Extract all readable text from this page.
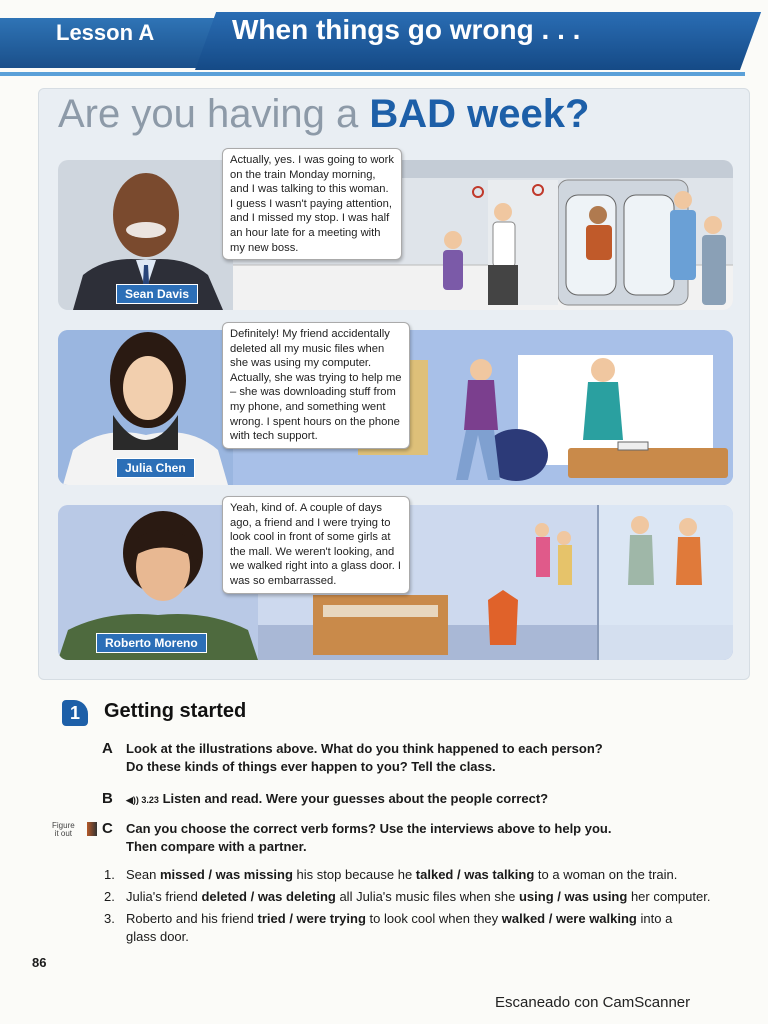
Lesson A	When things go wrong . . .
Are you having a BAD week?
Sean Davis
Actually, yes. I was going to work on the train Monday morning, and I was talking to this woman. I guess I wasn't paying attention, and I missed my stop. I was half an hour late for a meeting with my new boss.
Julia Chen
Definitely! My friend accidentally deleted all my music files when she was using my computer. Actually, she was trying to help me – she was downloading stuff from my phone, and something went wrong. I spent hours on the phone with tech support.
Roberto Moreno
Yeah, kind of. A couple of days ago, a friend and I were trying to look cool in front of some girls at the mall. We weren't looking, and we walked right into a glass door. I was so embarrassed.
1	Getting started
A Look at the illustrations above. What do you think happened to each person?
Do these kinds of things ever happen to you? Tell the class.
B ◀)) 3.23 Listen and read. Were your guesses about the people correct?
Figure
it out C Can you choose the correct verb forms? Use the interviews above to help you.
Then compare with a partner.
1. Sean missed / was missing his stop because he talked / was talking to a woman on the train.
2. Julia's friend deleted / was deleting all Julia's music files when she using / was using her computer.
3. Roberto and his friend tried / were trying to look cool when they walked / were walking into a
glass door.
86
Escaneado con CamScanner
